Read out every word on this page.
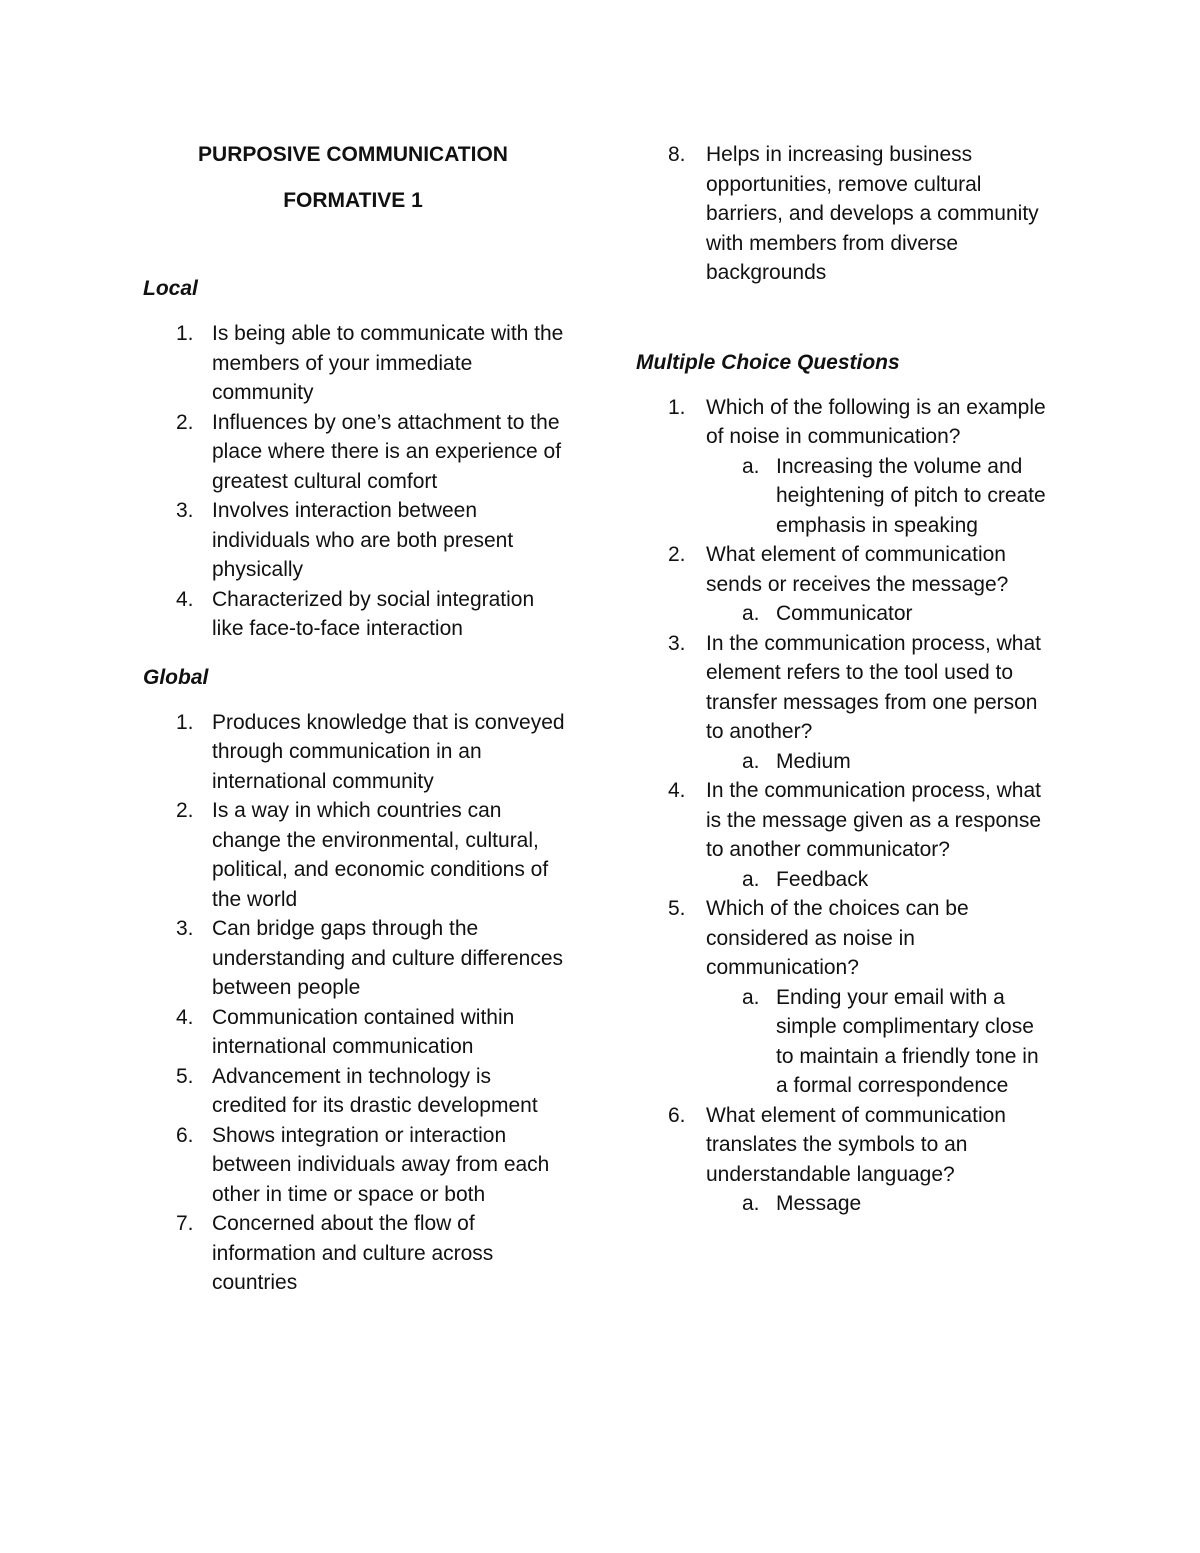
PURPOSIVE COMMUNICATION
FORMATIVE 1
Local
1. Is being able to communicate with the members of your immediate community
2. Influences by one’s attachment to the place where there is an experience of greatest cultural comfort
3. Involves interaction between individuals who are both present physically
4. Characterized by social integration like face-to-face interaction
Global
1. Produces knowledge that is conveyed through communication in an international community
2. Is a way in which countries can change the environmental, cultural, political, and economic conditions of the world
3. Can bridge gaps through the understanding and culture differences between people
4. Communication contained within international communication
5. Advancement in technology is credited for its drastic development
6. Shows integration or interaction between individuals away from each other in time or space or both
7. Concerned about the flow of information and culture across countries
8. Helps in increasing business opportunities, remove cultural barriers, and develops a community with members from diverse backgrounds
Multiple Choice Questions
1. Which of the following is an example of noise in communication?
a. Increasing the volume and heightening of pitch to create emphasis in speaking
2. What element of communication sends or receives the message?
a. Communicator
3. In the communication process, what element refers to the tool used to transfer messages from one person to another?
a. Medium
4. In the communication process, what is the message given as a response to another communicator?
a. Feedback
5. Which of the choices can be considered as noise in communication?
a. Ending your email with a simple complimentary close to maintain a friendly tone in a formal correspondence
6. What element of communication translates the symbols to an understandable language?
a. Message
